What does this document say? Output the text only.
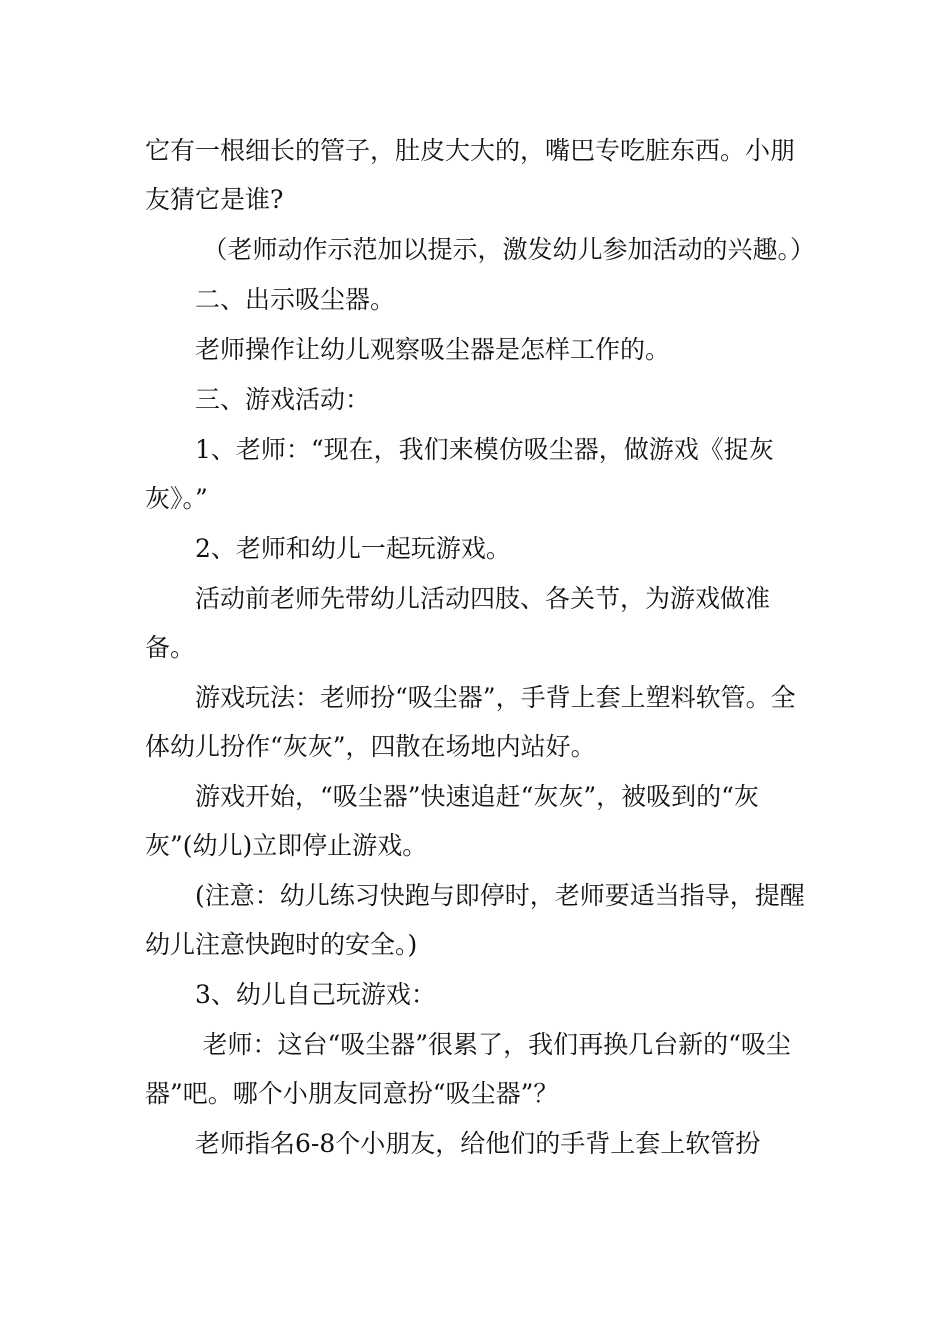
它有一根细长的管子，肚皮大大的，嘴巴专吃脏东西。小朋友猜它是谁?

（老师动作示范加以提示，激发幼儿参加活动的兴趣。）

二、出示吸尘器。

老师操作让幼儿观察吸尘器是怎样工作的。

三、游戏活动：

1、老师：“现在，我们来模仿吸尘器，做游戏《捉灰灰》。”

2、老师和幼儿一起玩游戏。

活动前老师先带幼儿活动四肢、各关节，为游戏做准备。

游戏玩法：老师扮“吸尘器”，手背上套上塑料软管。全体幼儿扮作“灰灰”，四散在场地内站好。

游戏开始，“吸尘器”快速追赶“灰灰”，被吸到的“灰灰”(幼儿)立即停止游戏。

(注意：幼儿练习快跑与即停时，老师要适当指导，提醒幼儿注意快跑时的安全。)

3、幼儿自己玩游戏：

老师：这台“吸尘器”很累了，我们再换几台新的“吸尘器”吧。哪个小朋友同意扮“吸尘器”？

老师指名6-8个小朋友，给他们的手背上套上软管扮
